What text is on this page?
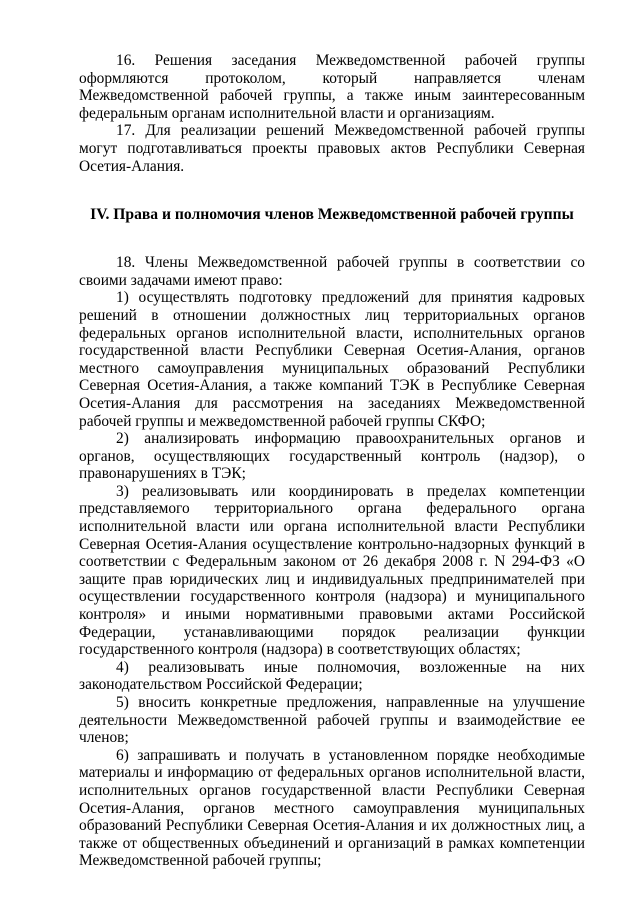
16. Решения заседания Межведомственной рабочей группы оформляются протоколом, который направляется членам Межведомственной рабочей группы, а также иным заинтересованным федеральным органам исполнительной власти и организациям.

17. Для реализации решений Межведомственной рабочей группы могут подготавливаться проекты правовых актов Республики Северная Осетия-Алания.

IV. Права и полномочия членов Межведомственной рабочей группы

18. Члены Межведомственной рабочей группы в соответствии со своими задачами имеют право:

1) осуществлять подготовку предложений для принятия кадровых решений в отношении должностных лиц территориальных органов федеральных органов исполнительной власти, исполнительных органов государственной власти Республики Северная Осетия-Алания, органов местного самоуправления муниципальных образований Республики Северная Осетия-Алания, а также компаний ТЭК в Республике Северная Осетия-Алания для рассмотрения на заседаниях Межведомственной рабочей группы и межведомственной рабочей группы СКФО;

2) анализировать информацию правоохранительных органов и органов, осуществляющих государственный контроль (надзор), о правонарушениях в ТЭК;

3) реализовывать или координировать в пределах компетенции представляемого территориального органа федерального органа исполнительной власти или органа исполнительной власти Республики Северная Осетия-Алания осуществление контрольно-надзорных функций в соответствии с Федеральным законом от 26 декабря 2008 г. N 294-ФЗ «О защите прав юридических лиц и индивидуальных предпринимателей при осуществлении государственного контроля (надзора) и муниципального контроля» и иными нормативными правовыми актами Российской Федерации, устанавливающими порядок реализации функции государственного контроля (надзора) в соответствующих областях;

4) реализовывать иные полномочия, возложенные на них законодательством Российской Федерации;

5) вносить конкретные предложения, направленные на улучшение деятельности Межведомственной рабочей группы и взаимодействие ее членов;

6) запрашивать и получать в установленном порядке необходимые материалы и информацию от федеральных органов исполнительной власти, исполнительных органов государственной власти Республики Северная Осетия-Алания, органов местного самоуправления муниципальных образований Республики Северная Осетия-Алания и их должностных лиц, а также от общественных объединений и организаций в рамках компетенции Межведомственной рабочей группы;
